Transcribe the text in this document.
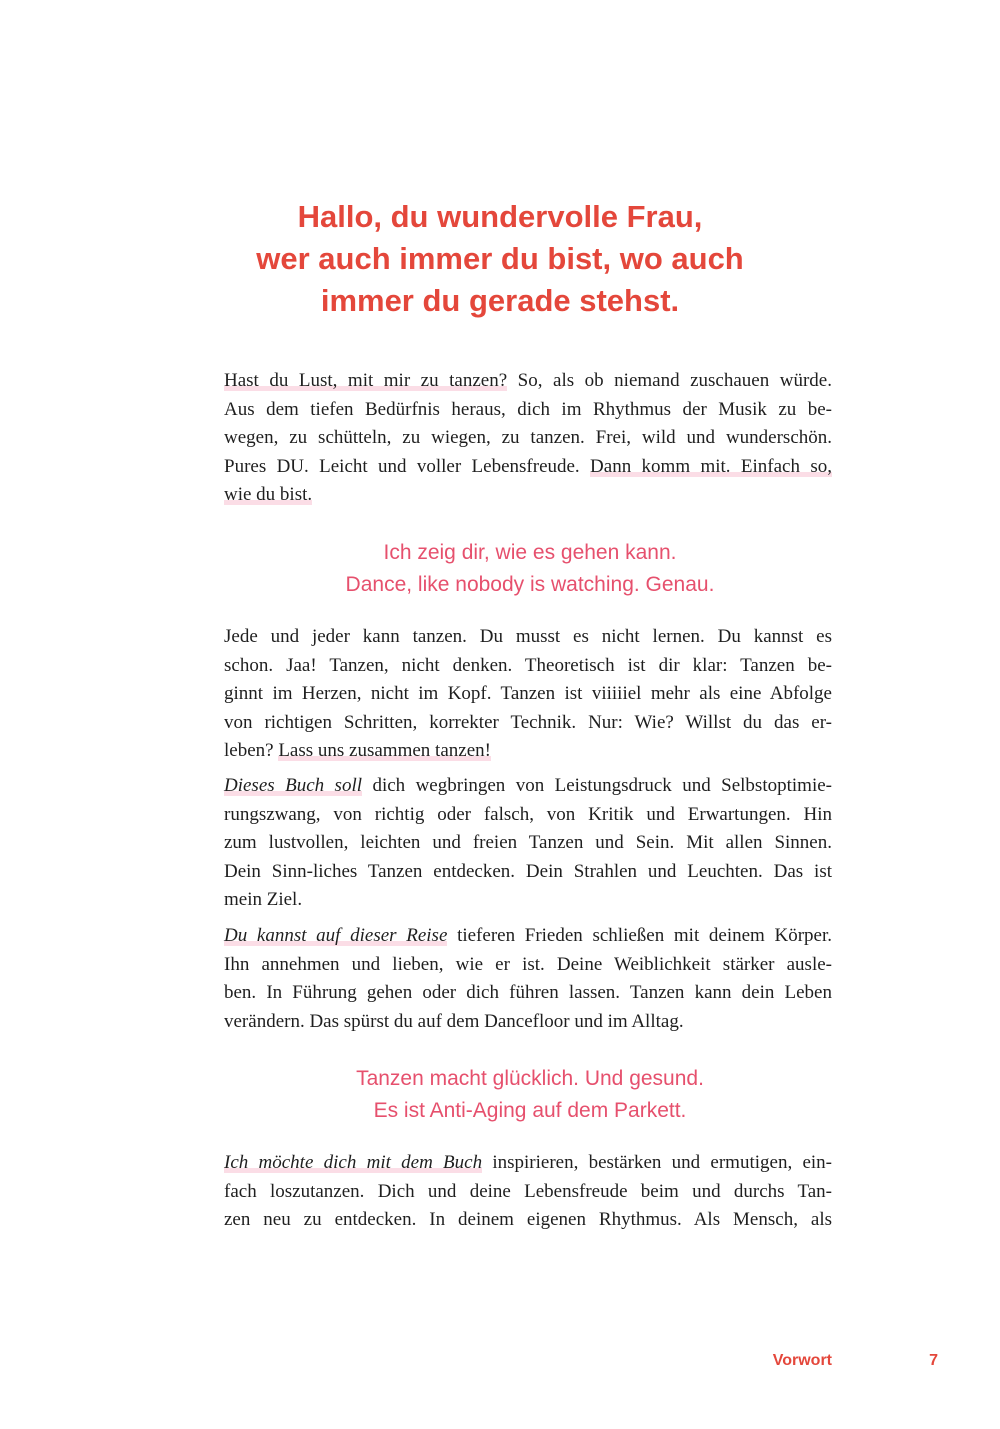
Hallo, du wundervolle Frau,
wer auch immer du bist, wo auch
immer du gerade stehst.
Hast du Lust, mit mir zu tanzen? So, als ob niemand zuschauen würde.
Aus dem tiefen Bedürfnis heraus, dich im Rhythmus der Musik zu be-
wegen, zu schütteln, zu wiegen, zu tanzen. Frei, wild und wunderschön.
Pures DU. Leicht und voller Lebensfreude. Dann komm mit. Einfach so,
wie du bist.
Ich zeig dir, wie es gehen kann.
Dance, like nobody is watching. Genau.
Jede und jeder kann tanzen. Du musst es nicht lernen. Du kannst es
schon. Jaa! Tanzen, nicht denken. Theoretisch ist dir klar: Tanzen be-
ginnt im Herzen, nicht im Kopf. Tanzen ist viiiiiel mehr als eine Abfolge
von richtigen Schritten, korrekter Technik. Nur: Wie? Willst du das er-
leben? Lass uns zusammen tanzen!
Dieses Buch soll dich wegbringen von Leistungsdruck und Selbstoptimie-
rungszwang, von richtig oder falsch, von Kritik und Erwartungen. Hin
zum lustvollen, leichten und freien Tanzen und Sein. Mit allen Sinnen.
Dein Sinn-liches Tanzen entdecken. Dein Strahlen und Leuchten. Das ist
mein Ziel.
Du kannst auf dieser Reise tieferen Frieden schließen mit deinem Körper.
Ihn annehmen und lieben, wie er ist. Deine Weiblichkeit stärker ausle-
ben. In Führung gehen oder dich führen lassen. Tanzen kann dein Leben
verändern. Das spürst du auf dem Dancefloor und im Alltag.
Tanzen macht glücklich. Und gesund.
Es ist Anti-Aging auf dem Parkett.
Ich möchte dich mit dem Buch inspirieren, bestärken und ermutigen, ein-
fach loszutanzen. Dich und deine Lebensfreude beim und durchs Tan-
zen neu zu entdecken. In deinem eigenen Rhythmus. Als Mensch, als
Vorwort	7
